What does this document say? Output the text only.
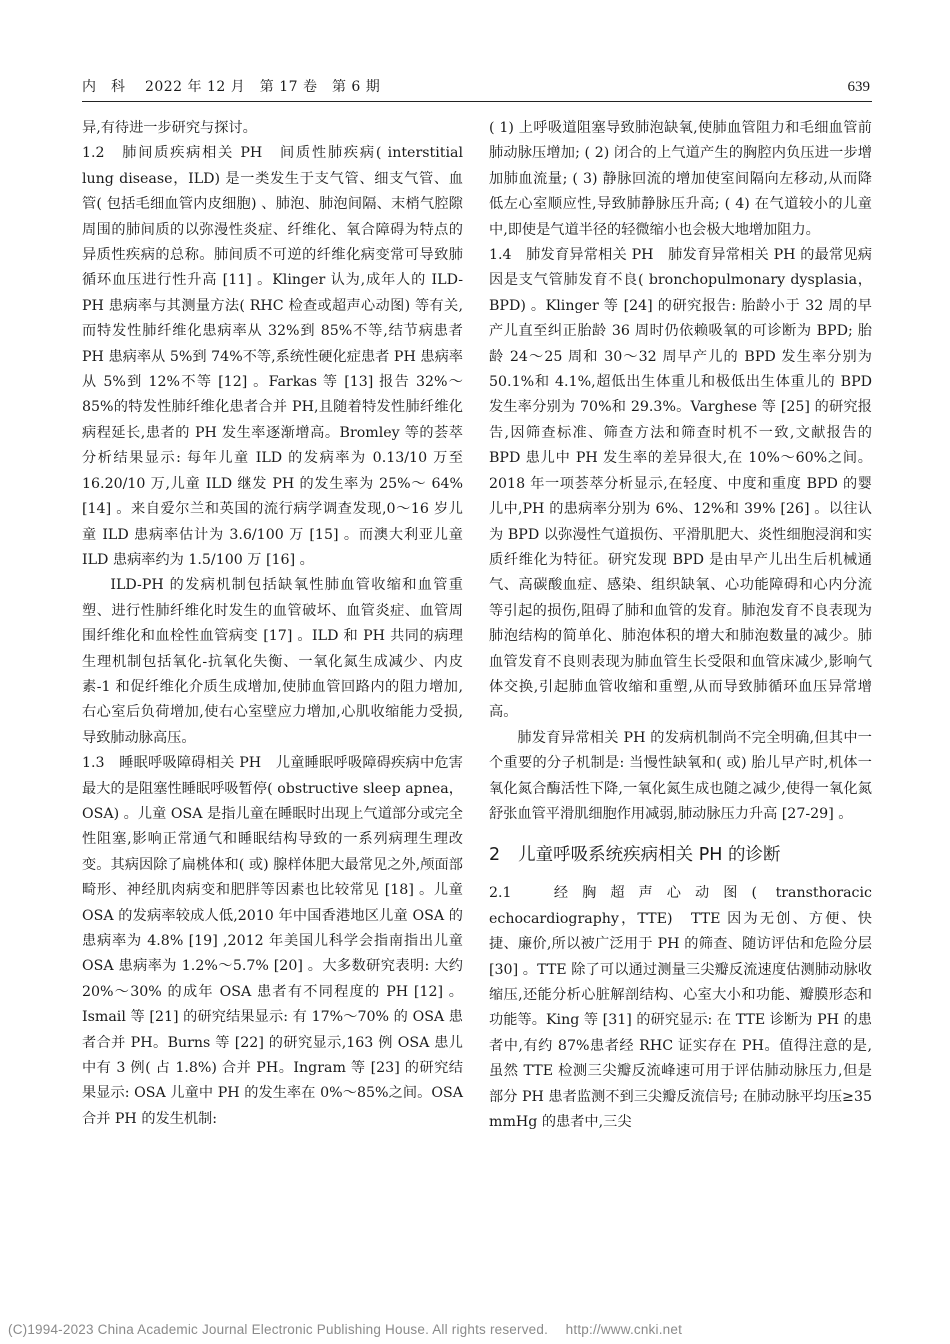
内　科　 2022 年 12 月　第 17 卷　第 6 期	639

异,有待进一步研究与探讨。

1.2　肺间质疾病相关 PH　间质性肺疾病( interstitial lung disease，ILD) 是一类发生于支气管、细支气管、血管( 包括毛细血管内皮细胞) 、肺泡、肺泡间隔、末梢气腔隙周围的肺间质的以弥漫性炎症、纤维化、氧合障碍为特点的异质性疾病的总称。肺间质不可逆的纤维化病变常可导致肺循环血压进行性升高 [11] 。Klinger 认为,成年人的 ILD-PH 患病率与其测量方法( RHC 检查或超声心动图) 等有关,而特发性肺纤维化患病率从 32%到 85%不等,结节病患者 PH 患病率从 5%到 74%不等,系统性硬化症患者 PH 患病率从 5%到 12%不等 [12] 。Farkas 等 [13] 报告 32%～85%的特发性肺纤维化患者合并 PH,且随着特发性肺纤维化病程延长,患者的 PH 发生率逐渐增高。Bromley 等的荟萃分析结果显示: 每年儿童 ILD 的发病率为 0.13/10 万至 16.20/10 万,儿童 ILD 继发 PH 的发生率为 25%～ 64% [14] 。来自爱尔兰和英国的流行病学调查发现,0～16 岁儿童 ILD 患病率估计为 3.6/100 万 [15] 。而澳大利亚儿童 ILD 患病率约为 1.5/100 万 [16] 。

ILD-PH 的发病机制包括缺氧性肺血管收缩和血管重塑、进行性肺纤维化时发生的血管破坏、血管炎症、血管周围纤维化和血栓性血管病变 [17] 。ILD 和 PH 共同的病理生理机制包括氧化-抗氧化失衡、一氧化氮生成减少、内皮素-1 和促纤维化介质生成增加,使肺血管回路内的阻力增加,右心室后负荷增加,使右心室壁应力增加,心肌收缩能力受损,导致肺动脉高压。

1.3　睡眠呼吸障碍相关 PH　儿童睡眠呼吸障碍疾病中危害最大的是阻塞性睡眠呼吸暂停( obstructive sleep apnea，OSA) 。儿童 OSA 是指儿童在睡眠时出现上气道部分或完全性阻塞,影响正常通气和睡眠结构导致的一系列病理生理改变。其病因除了扁桃体和( 或) 腺样体肥大最常见之外,颅面部畸形、神经肌肉病变和肥胖等因素也比较常见 [18] 。儿童 OSA 的发病率较成人低,2010 年中国香港地区儿童 OSA 的患病率为 4.8% [19] ,2012 年美国儿科学会指南指出儿童 OSA 患病率为 1.2%～5.7% [20] 。大多数研究表明: 大约 20%～30% 的成年 OSA 患者有不同程度的 PH [12] 。Ismail 等 [21] 的研究结果显示: 有 17%～70% 的 OSA 患者合并 PH。Burns 等 [22] 的研究显示,163 例 OSA 患儿中有 3 例( 占 1.8%) 合并 PH。Ingram 等 [23] 的研究结果显示: OSA 儿童中 PH 的发生率在 0%～85%之间。OSA 合并 PH 的发生机制:

( 1) 上呼吸道阻塞导致肺泡缺氧,使肺血管阻力和毛细血管前肺动脉压增加; ( 2) 闭合的上气道产生的胸腔内负压进一步增加肺血流量; ( 3) 静脉回流的增加使室间隔向左移动,从而降低左心室顺应性,导致肺静脉压升高; ( 4) 在气道较小的儿童中,即使是气道半径的轻微缩小也会极大地增加阻力。

1.4　肺发育异常相关 PH　肺发育异常相关 PH 的最常见病因是支气管肺发育不良( bronchopulmonary dysplasia，BPD) 。Klinger 等 [24] 的研究报告: 胎龄小于 32 周的早产儿直至纠正胎龄 36 周时仍依赖吸氧的可诊断为 BPD; 胎龄 24～25 周和 30～32 周早产儿的 BPD 发生率分别为 50.1%和 4.1%,超低出生体重儿和极低出生体重儿的 BPD 发生率分别为 70%和 29.3%。Varghese 等 [25] 的研究报告,因筛查标准、筛查方法和筛查时机不一致,文献报告的 BPD 患儿中 PH 发生率的差异很大,在 10%～60%之间。2018 年一项荟萃分析显示,在轻度、中度和重度 BPD 的婴儿中,PH 的患病率分别为 6%、12%和 39% [26] 。以往认为 BPD 以弥漫性气道损伤、平滑肌肥大、炎性细胞浸润和实质纤维化为特征。研究发现 BPD 是由早产儿出生后机械通气、高碳酸血症、感染、组织缺氧、心功能障碍和心内分流等引起的损伤,阻碍了肺和血管的发育。肺泡发育不良表现为肺泡结构的简单化、肺泡体积的增大和肺泡数量的减少。肺血管发育不良则表现为肺血管生长受限和血管床减少,影响气体交换,引起肺血管收缩和重塑,从而导致肺循环血压异常增高。

肺发育异常相关 PH 的发病机制尚不完全明确,但其中一个重要的分子机制是: 当慢性缺氧和( 或) 胎儿早产时,机体一氧化氮合酶活性下降,一氧化氮生成也随之减少,使得一氧化氮舒张血管平滑肌细胞作用减弱,肺动脉压力升高 [27-29] 。

2 儿童呼吸系统疾病相关 PH 的诊断

2.1　经胸超声心动图( transthoracic echocardiography，TTE)　TTE 因为无创、方便、快捷、廉价,所以被广泛用于 PH 的筛查、随访评估和危险分层 [30] 。TTE 除了可以通过测量三尖瓣反流速度估测肺动脉收缩压,还能分析心脏解剖结构、心室大小和功能、瓣膜形态和功能等。King 等 [31] 的研究显示: 在 TTE 诊断为 PH 的患者中,有约 87%患者经 RHC 证实存在 PH。值得注意的是,虽然 TTE 检测三尖瓣反流峰速可用于评估肺动脉压力,但是部分 PH 患者监测不到三尖瓣反流信号; 在肺动脉平均压≥35 mmHg 的患者中,三尖

(C)1994-2023 China Academic Journal Electronic Publishing House. All rights reserved.　 http://www.cnki.net
